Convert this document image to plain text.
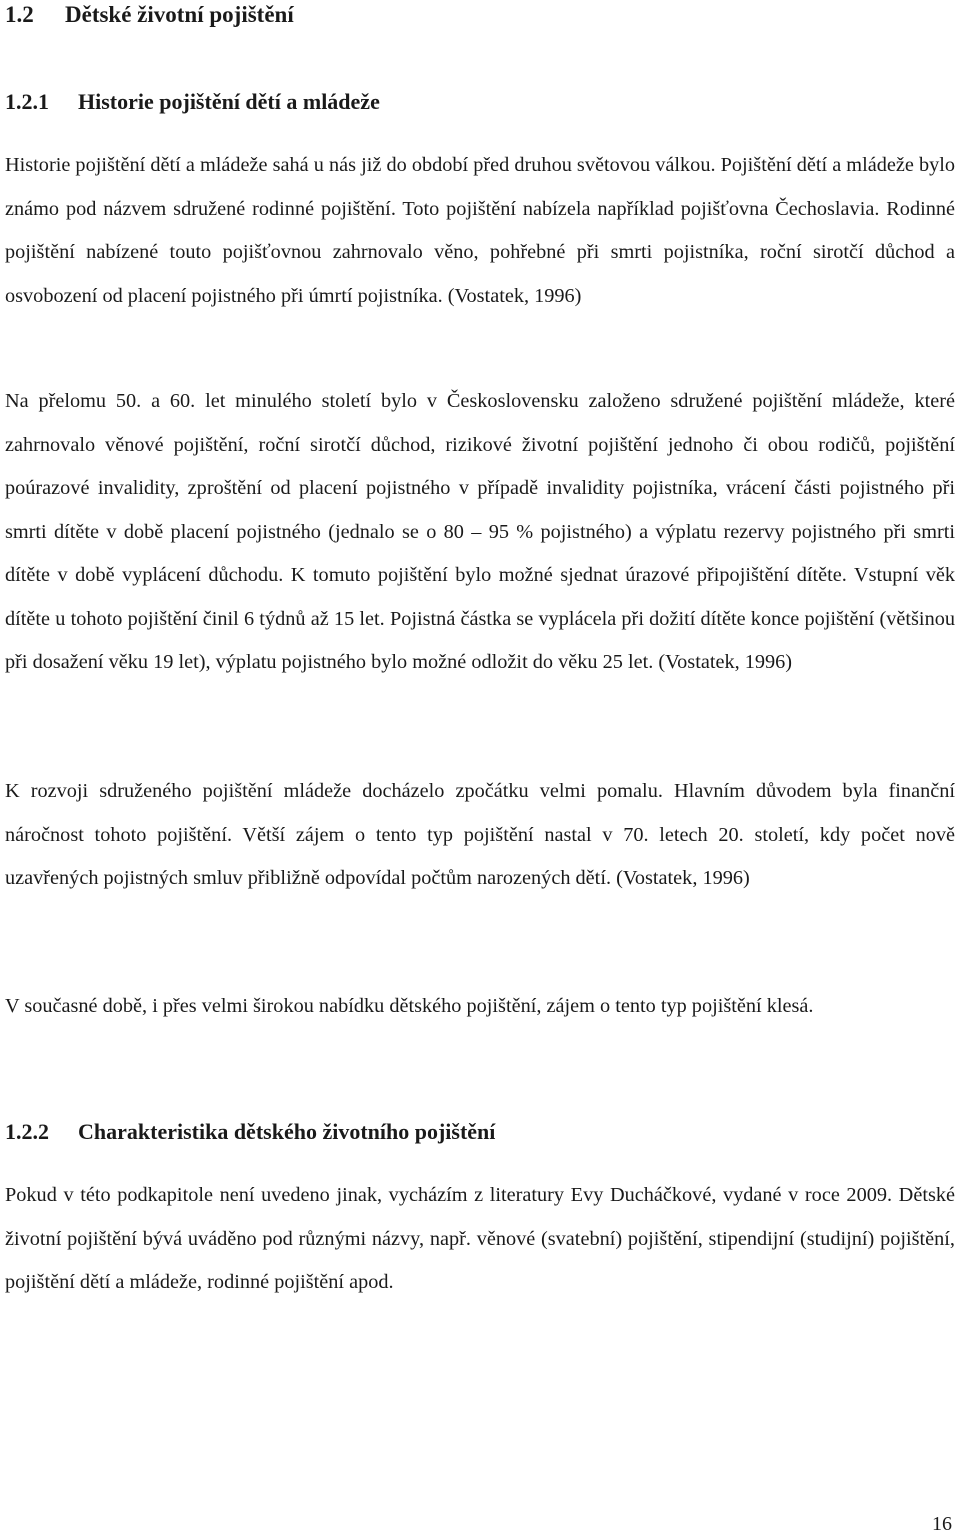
1.2 Dětské životní pojištění
1.2.1 Historie pojištění dětí a mládeže

Historie pojištění dětí a mládeže sahá u nás již do období před druhou světovou válkou. Pojištění dětí a mládeže bylo známo pod názvem sdružené rodinné pojištění. Toto pojištění nabízela například pojišťovna Čechoslavia. Rodinné pojištění nabízené touto pojišťovnou zahrnovalo věno, pohřebné při smrti pojistníka, roční sirotčí důchod a osvobození od placení pojistného při úmrtí pojistníka. (Vostatek, 1996)

Na přelomu 50. a 60. let minulého století bylo v Československu založeno sdružené pojištění mládeže, které zahrnovalo věnové pojištění, roční sirotčí důchod, rizikové životní pojištění jednoho či obou rodičů, pojištění poúrazové invalidity, zproštění od placení pojistného v případě invalidity pojistníka, vrácení části pojistného při smrti dítěte v době placení pojistného (jednalo se o 80 – 95 % pojistného) a výplatu rezervy pojistného při smrti dítěte v době vyplácení důchodu. K tomuto pojištění bylo možné sjednat úrazové připojištění dítěte. Vstupní věk dítěte u tohoto pojištění činil 6 týdnů až 15 let. Pojistná částka se vyplácela při dožití dítěte konce pojištění (většinou při dosažení věku 19 let), výplatu pojistného bylo možné odložit do věku 25 let. (Vostatek, 1996)

K rozvoji sdruženého pojištění mládeže docházelo zpočátku velmi pomalu. Hlavním důvodem byla finanční náročnost tohoto pojištění. Větší zájem o tento typ pojištění nastal v 70. letech 20. století, kdy počet nově uzavřených pojistných smluv přibližně odpovídal počtům narozených dětí. (Vostatek, 1996)

V současné době, i přes velmi širokou nabídku dětského pojištění, zájem o tento typ pojištění klesá.

1.2.2 Charakteristika dětského životního pojištění

Pokud v této podkapitole není uvedeno jinak, vycházím z literatury Evy Ducháčkové, vydané v roce 2009. Dětské životní pojištění bývá uváděno pod různými názvy, např. věnové (svatební) pojištění, stipendijní (studijní) pojištění, pojištění dětí a mládeže, rodinné pojištění apod.

16
